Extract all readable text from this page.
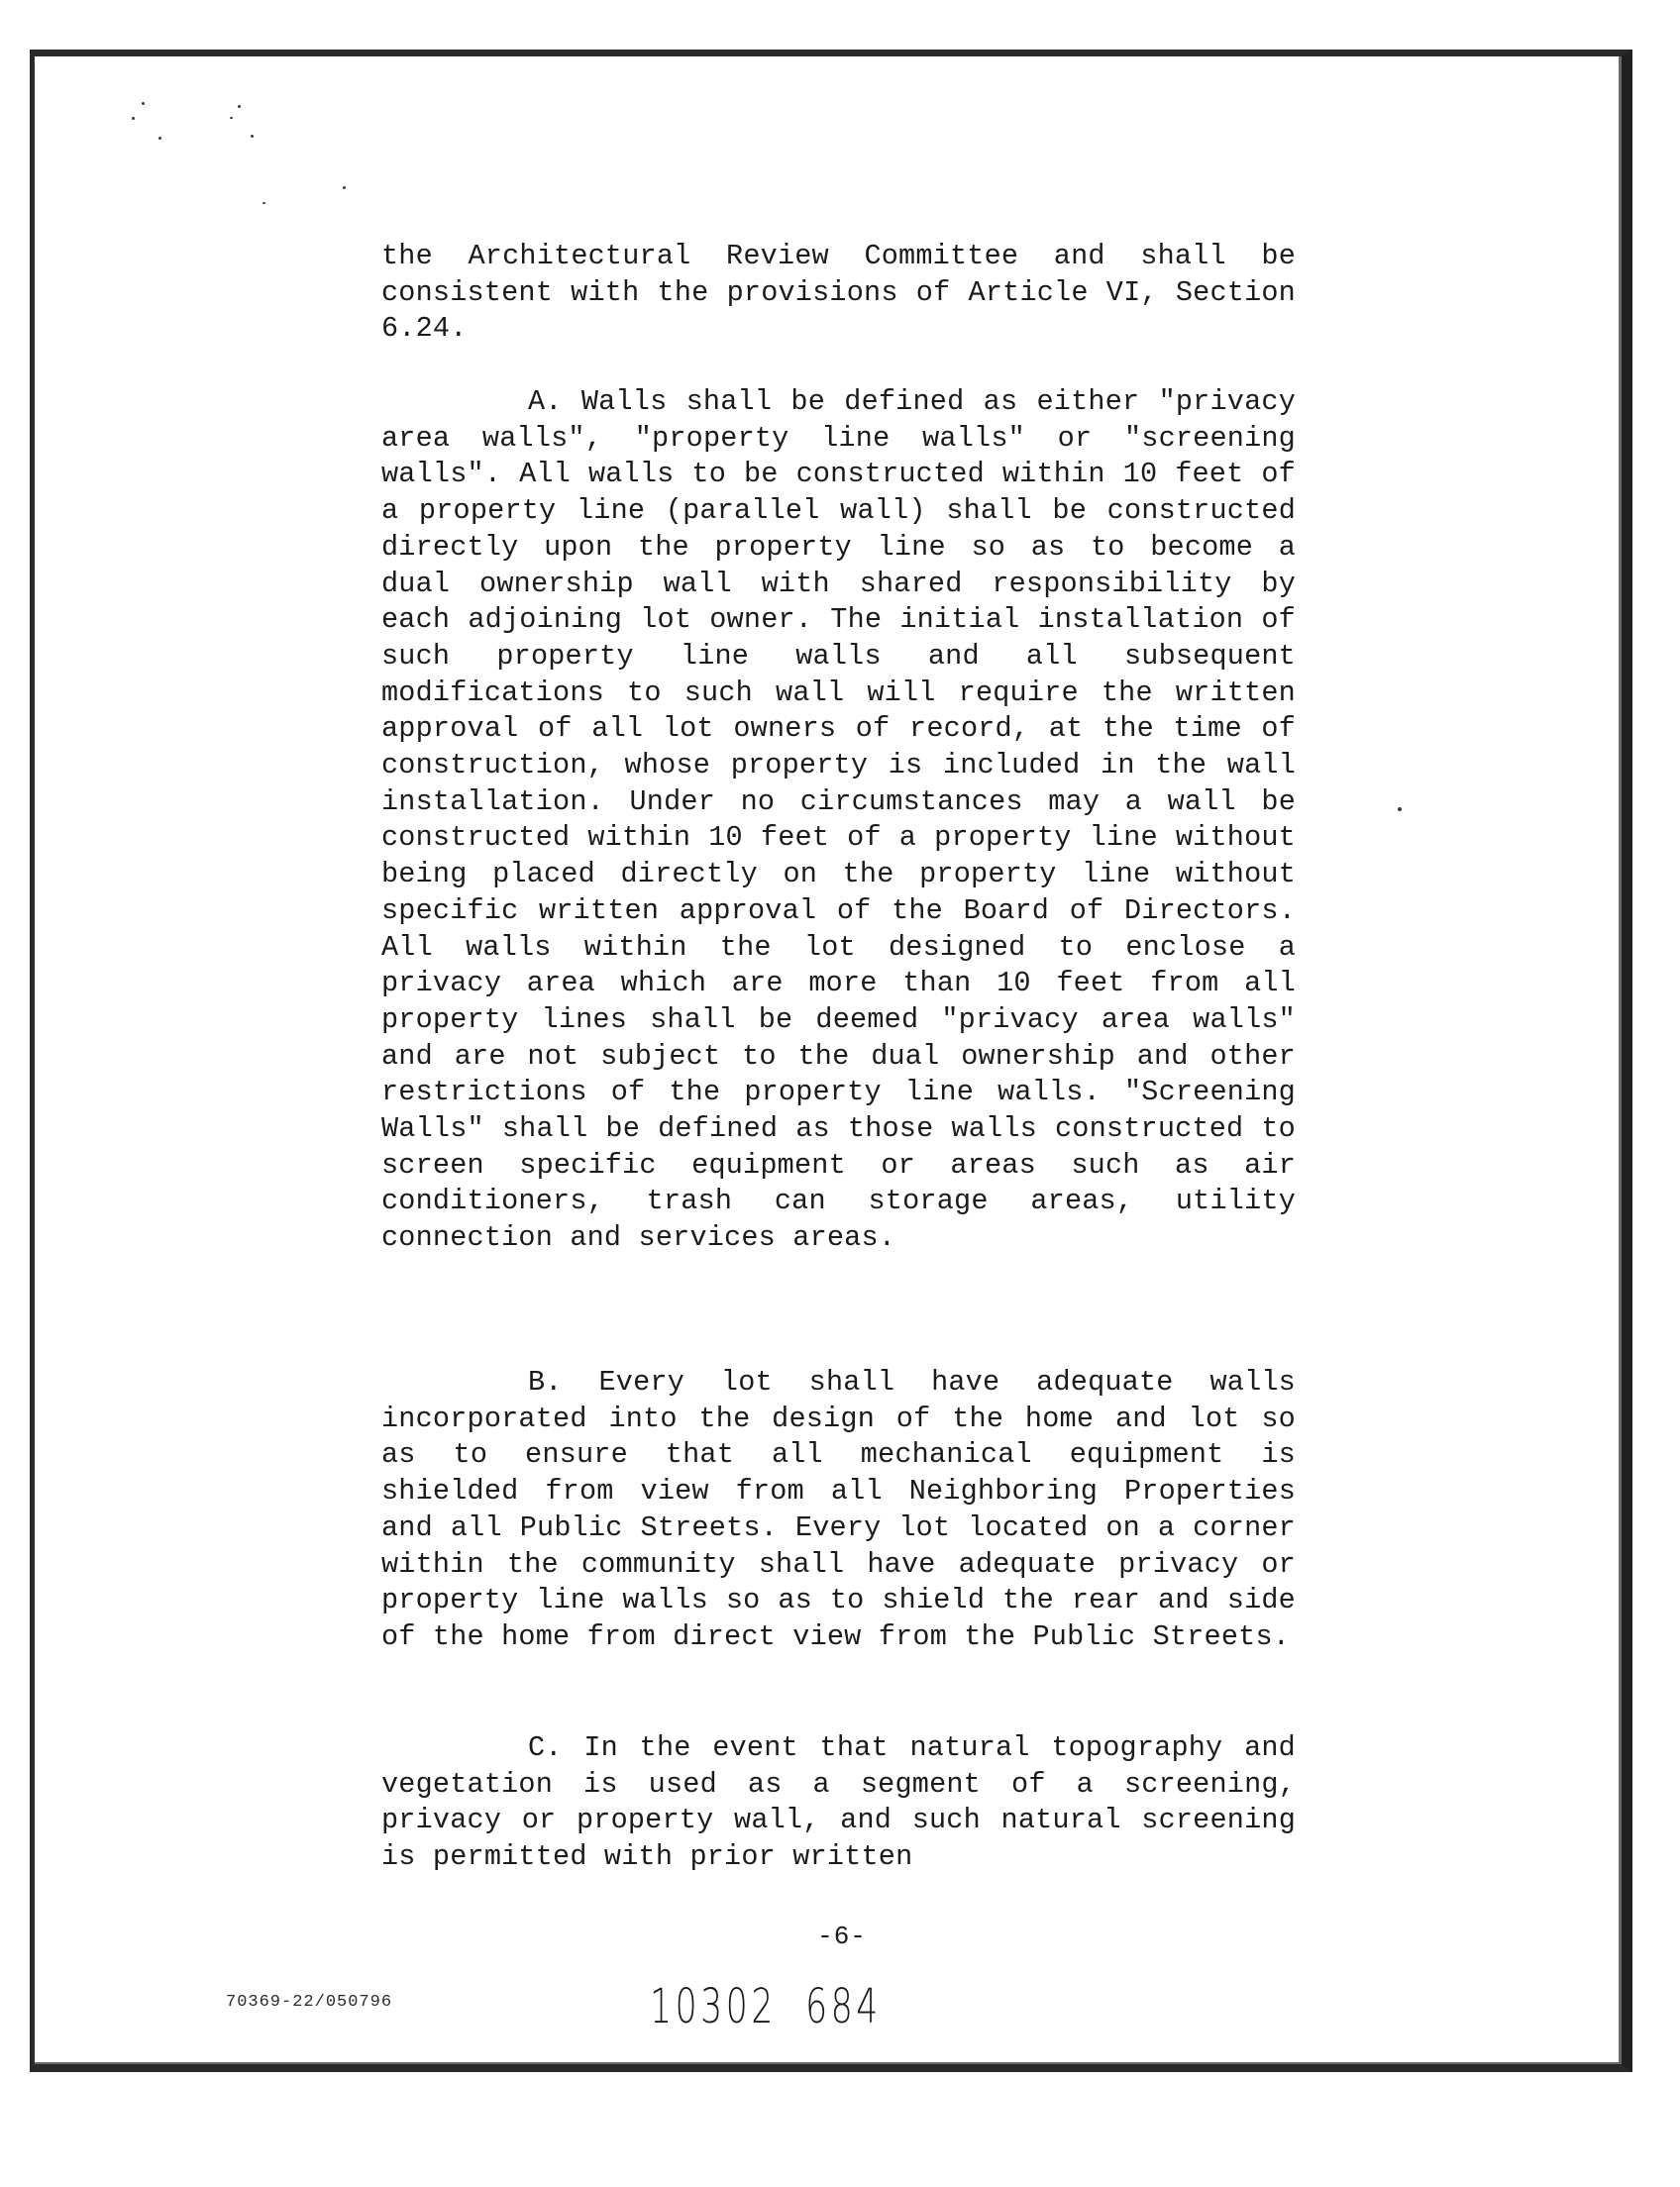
the Architectural Review Committee and shall be consistent with the provisions of Article VI, Section 6.24.

A. Walls shall be defined as either "privacy area walls", "property line walls" or "screening walls". All walls to be constructed within 10 feet of a property line (parallel wall) shall be constructed directly upon the property line so as to become a dual ownership wall with shared responsibility by each adjoining lot owner. The initial installation of such property line walls and all subsequent modifications to such wall will require the written approval of all lot owners of record, at the time of construction, whose property is included in the wall installation. Under no circumstances may a wall be constructed within 10 feet of a property line without being placed directly on the property line without specific written approval of the Board of Directors. All walls within the lot designed to enclose a privacy area which are more than 10 feet from all property lines shall be deemed "privacy area walls" and are not subject to the dual ownership and other restrictions of the property line walls. "Screening Walls" shall be defined as those walls constructed to screen specific equipment or areas such as air conditioners, trash can storage areas, utility connection and services areas.

B. Every lot shall have adequate walls incorporated into the design of the home and lot so as to ensure that all mechanical equipment is shielded from view from all Neighboring Properties and all Public Streets. Every lot located on a corner within the community shall have adequate privacy or property line walls so as to shield the rear and side of the home from direct view from the Public Streets.

C. In the event that natural topography and vegetation is used as a segment of a screening, privacy or property wall, and such natural screening is permitted with prior written

-6-
70369-22/050796	10302  684
